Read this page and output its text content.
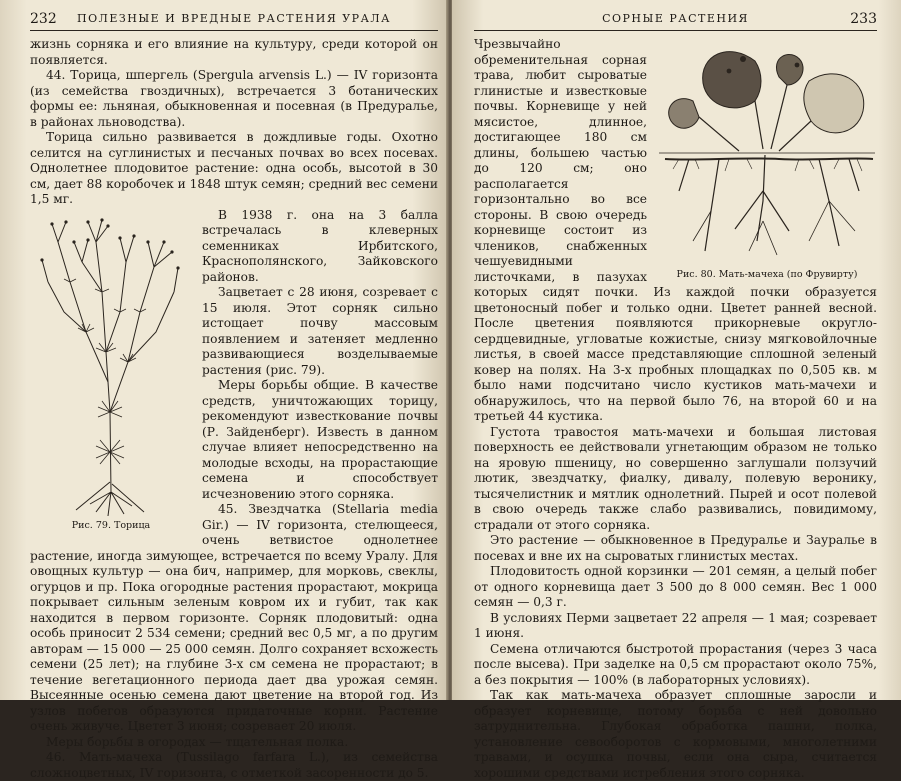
232	ПОЛЕЗНЫЕ И ВРЕДНЫЕ РАСТЕНИЯ УРАЛА

жизнь сорняка и его влияние на культуру, среди которой он появляется.

44. Торица, шпергель (Spergula arvensis L.) — IV горизонта (из семейства гвоздичных), встречается 3 ботанических формы ее: льняная, обыкновенная и посевная (в Предуралье, в районах льноводства).

Торица сильно развивается в дождливые годы. Охотно селится на суглинистых и песчаных почвах во всех посевах. Однолетнее плодовитое растение: одна особь, высотой в 30 см, дает 88 коробочек и 1848 штук семян; средний вес семени 1,5 мг.

Рис. 79. Торица

В 1938 г. она на 3 балла встречалась в клеверных семенниках Ирбитского, Краснополянского, Зайковского районов.

Зацветает с 28 июня, созревает с 15 июля. Этот сорняк сильно истощает почву массовым появлением и затеняет медленно развивающиеся возделываемые растения (рис. 79).

Меры борьбы общие. В качестве средств, уничтожающих торицу, рекомендуют известкование почвы (Р. Зайденберг). Известь в данном случае влияет непосредственно на молодые всходы, на прорастающие семена и способствует исчезновению этого сорняка.

45. Звездчатка (Stellaria media Gir.) — IV горизонта, стелющееся, очень ветвистое однолетнее растение, иногда зимующее, встречается по всему Уралу. Для овощных культур — она бич, например, для морковь, свеклы, огурцов и пр. Пока огородные растения прорастают, мокрица покрывает сильным зеленым ковром их и губит, так как находится в первом горизонте. Сорняк плодовитый: одна особь приносит 2 534 семени; средний вес 0,5 мг, а по другим авторам — 15 000 — 25 000 семян. Долго сохраняет всхожесть семени (25 лет); на глубине 3-х см семена не прорастают; в течение вегетационного периода дает два урожая семян. Высеянные осенью семена дают цветение на второй год. Из узлов побегов образуются придаточные корни. Растение очень живуче. Цветет 3 июня; созревает 20 июля.

Меры борьбы в огородах — тщательная полка.

46. Мать-мачеха (Tussilago farfara L.), из семейства сложноцветных, IV горизонта, с отметкой засоренности до 5.

СОРНЫЕ РАСТЕНИЯ	233
Рис. 80. Мать-мачеха (по Фрувирту)

Чрезвычайно обременительная сорная трава, любит сыроватые глинистые и известковые почвы. Корневище у ней мясистое, длинное, достигающее 180 см длины, большею частью до 120 см; оно располагается горизонтально во все стороны. В свою очередь корневище состоит из члеников, снабженных чешуевидными листочками, в пазухах которых сидят почки. Из каждой почки образуется цветоносный побег и только одни. Цветет ранней весной. После цветения появляются прикорневые округло-сердцевидные, угловатые кожистые, снизу мягковойлочные листья, в своей массе представляющие сплошной зеленый ковер на полях. На 3-х пробных площадках по 0,505 кв. м было нами подсчитано число кустиков мать-мачехи и обнаружилось, что на первой было 76, на второй 60 и на третьей 44 кустика.

Густота травостоя мать-мачехи и большая листовая поверхность ее действовали угнетающим образом не только на яровую пшеницу, но совершенно заглушали ползучий лютик, звездчатку, фиалку, дивалу, полевую веронику, тысячелистник и мятлик однолетний. Пырей и осот полевой в свою очередь также слабо развивались, повидимому, страдали от этого сорняка.

Это растение — обыкновенное в Предуралье и Зауралье в посевах и вне их на сыроватых глинистых местах.

Плодовитость одной корзинки — 201 семян, а целый побег от одного корневища дает 3 500 до 8 000 семян. Вес 1 000 семян — 0,3 г.

В условиях Перми зацветает 22 апреля — 1 мая; созревает 1 июня.

Семена отличаются быстротой прорастания (через 3 часа после высева). При заделке на 0,5 см прорастают около 75%, а без покрытия — 100% (в лабораторных условиях).

Так как мать-мачеха образует сплошные заросли и образует корневище, потому борьба с ней довольно затруднительна. Глубокая обработка пашни, полка, установление севооборотов с кормовыми, многолетними травами, и осушка почвы, если она сыра, считается хорошими средствами истребления этого сорняка.
